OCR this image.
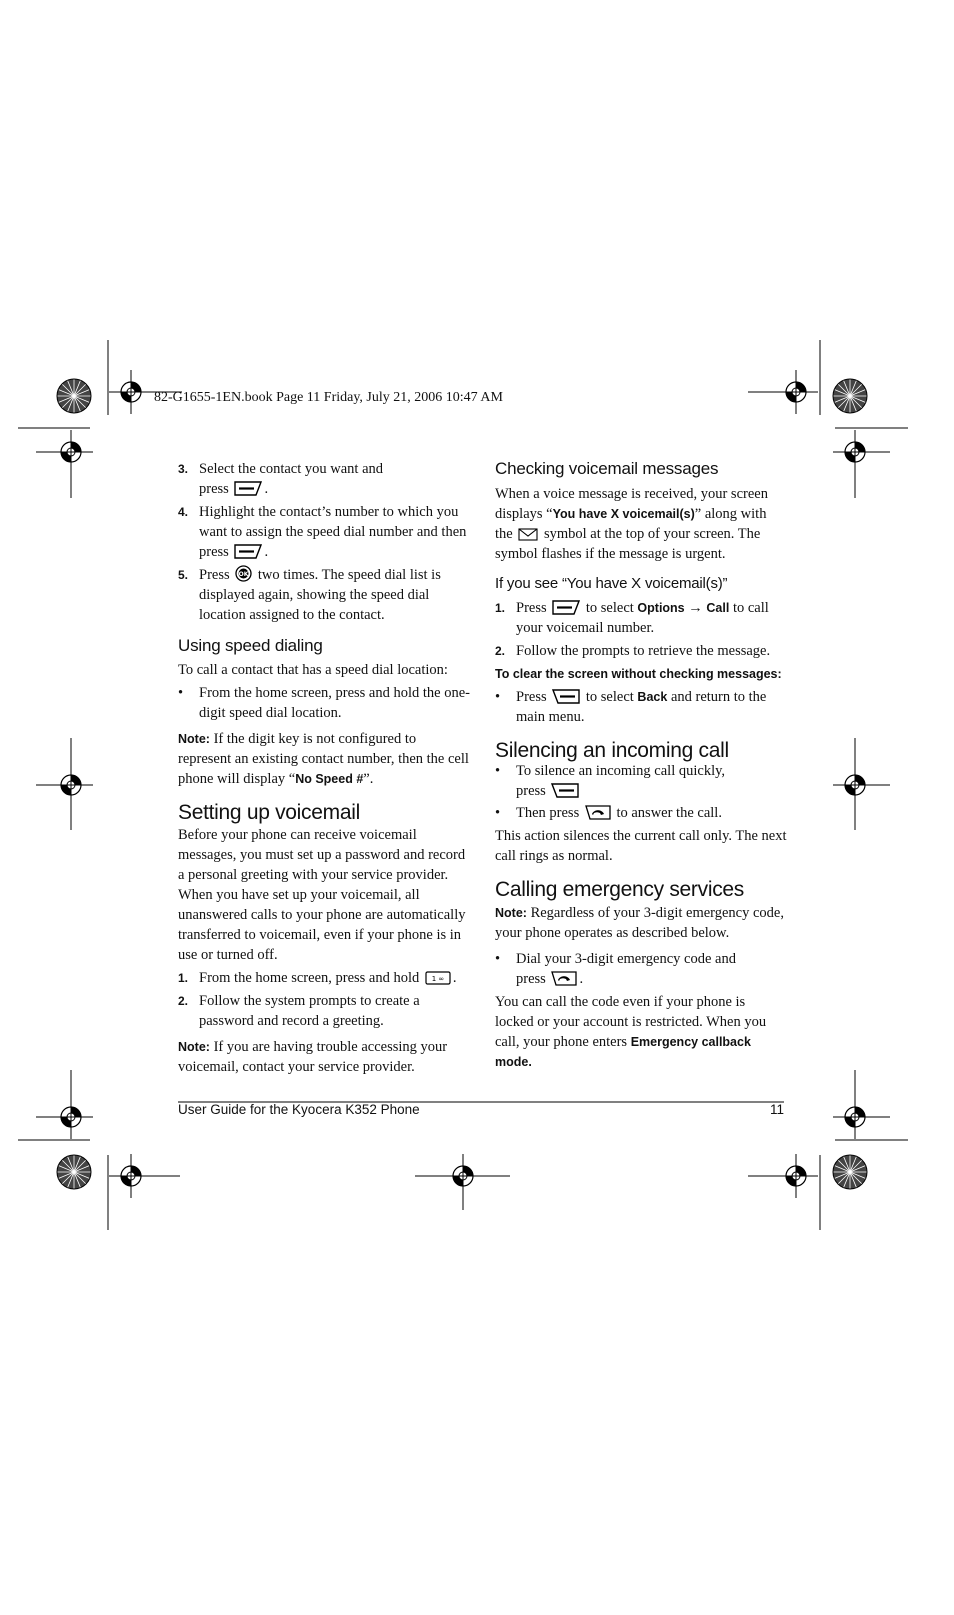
82-G1655-1EN.book Page 11 Friday, July 21, 2006 10:47 AM
3. Select the contact you want and
press .
4. Highlight the contact’s number to which you want to assign the speed dial number and then
press .
5. Press OK two times. The speed dial list is displayed again, showing the speed dial location assigned to the contact.
Using speed dialing
To call a contact that has a speed dial location:
• From the home screen, press and hold the one-digit speed dial location.
Note: If the digit key is not configured to represent an existing contact number, then the cell phone will display “No Speed #”.
Setting up voicemail
Before your phone can receive voicemail messages, you must set up a password and record a personal greeting with your service provider. When you have set up your voicemail, all unanswered calls to your phone are automatically transferred to voicemail, even if your phone is in use or turned off.
1. From the home screen, press and hold 1 ∞ .
2. Follow the system prompts to create a password and record a greeting.
Note: If you are having trouble accessing your voicemail, contact your service provider.
Checking voicemail messages
When a voice message is received, your screen displays “You have X voicemail(s)” along with the symbol at the top of your screen. The symbol flashes if the message is urgent.
If you see “You have X voicemail(s)”
1. Press	to select Options → Call to call your voicemail number.
2. Follow the prompts to retrieve the message.
To clear the screen without checking messages:
• Press	to select Back and return to the main menu.
Silencing an incoming call
• To silence an incoming call quickly,
press
• Then press	to answer the call.
This action silences the current call only. The next call rings as normal.
Calling emergency services
Note: Regardless of your 3-digit emergency code, your phone operates as described below.
• Dial your 3-digit emergency code and
press .
You can call the code even if your phone is locked or your account is restricted. When you call, your phone enters Emergency callback mode.
User Guide for the Kyocera K352 Phone	11
